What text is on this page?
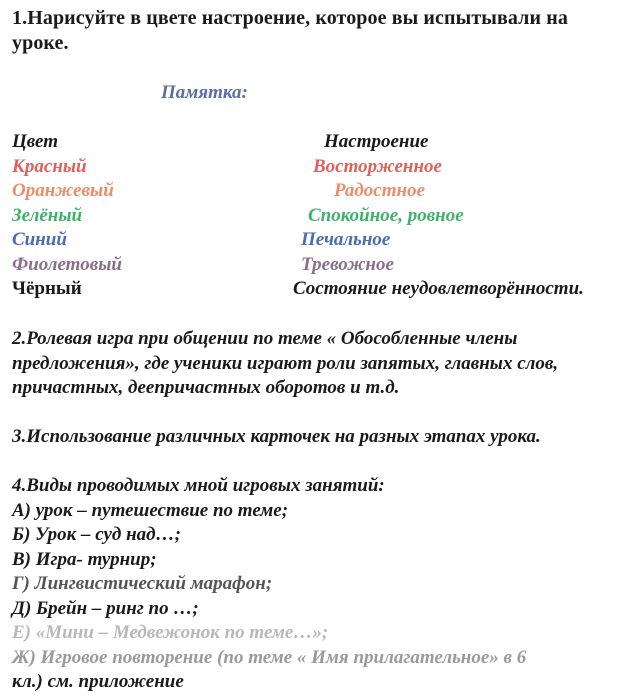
1.Нарисуйте в цвете настроение, которое вы испытывали на уроке.
Памятка:
Цвет	Настроение
Красный	Восторженное
Оранжевый	Радостное
Зелёный	Спокойное, ровное
Синий	Печальное
Фиолетовый	Тревожное
Чёрный	Состояние неудовлетворённости.
2.Ролевая игра при общении по теме « Обособленные члены
предложения», где ученики играют роли запятых, главных слов,
причастных, деепричастных оборотов и т.д.
3.Использование различных карточек на разных этапах урока.
4.Виды проводимых мной игровых занятий:
А) урок – путешествие по теме;
Б) Урок – суд над…;
В) Игра- турнир;
Г) Лингвистический марафон;
Д) Брейн – ринг по …;
Е) «Мини – Медвежонок по теме…»;
Ж) Игровое повторение (по теме « Имя прилагательное» в 6
кл.) см. приложение
